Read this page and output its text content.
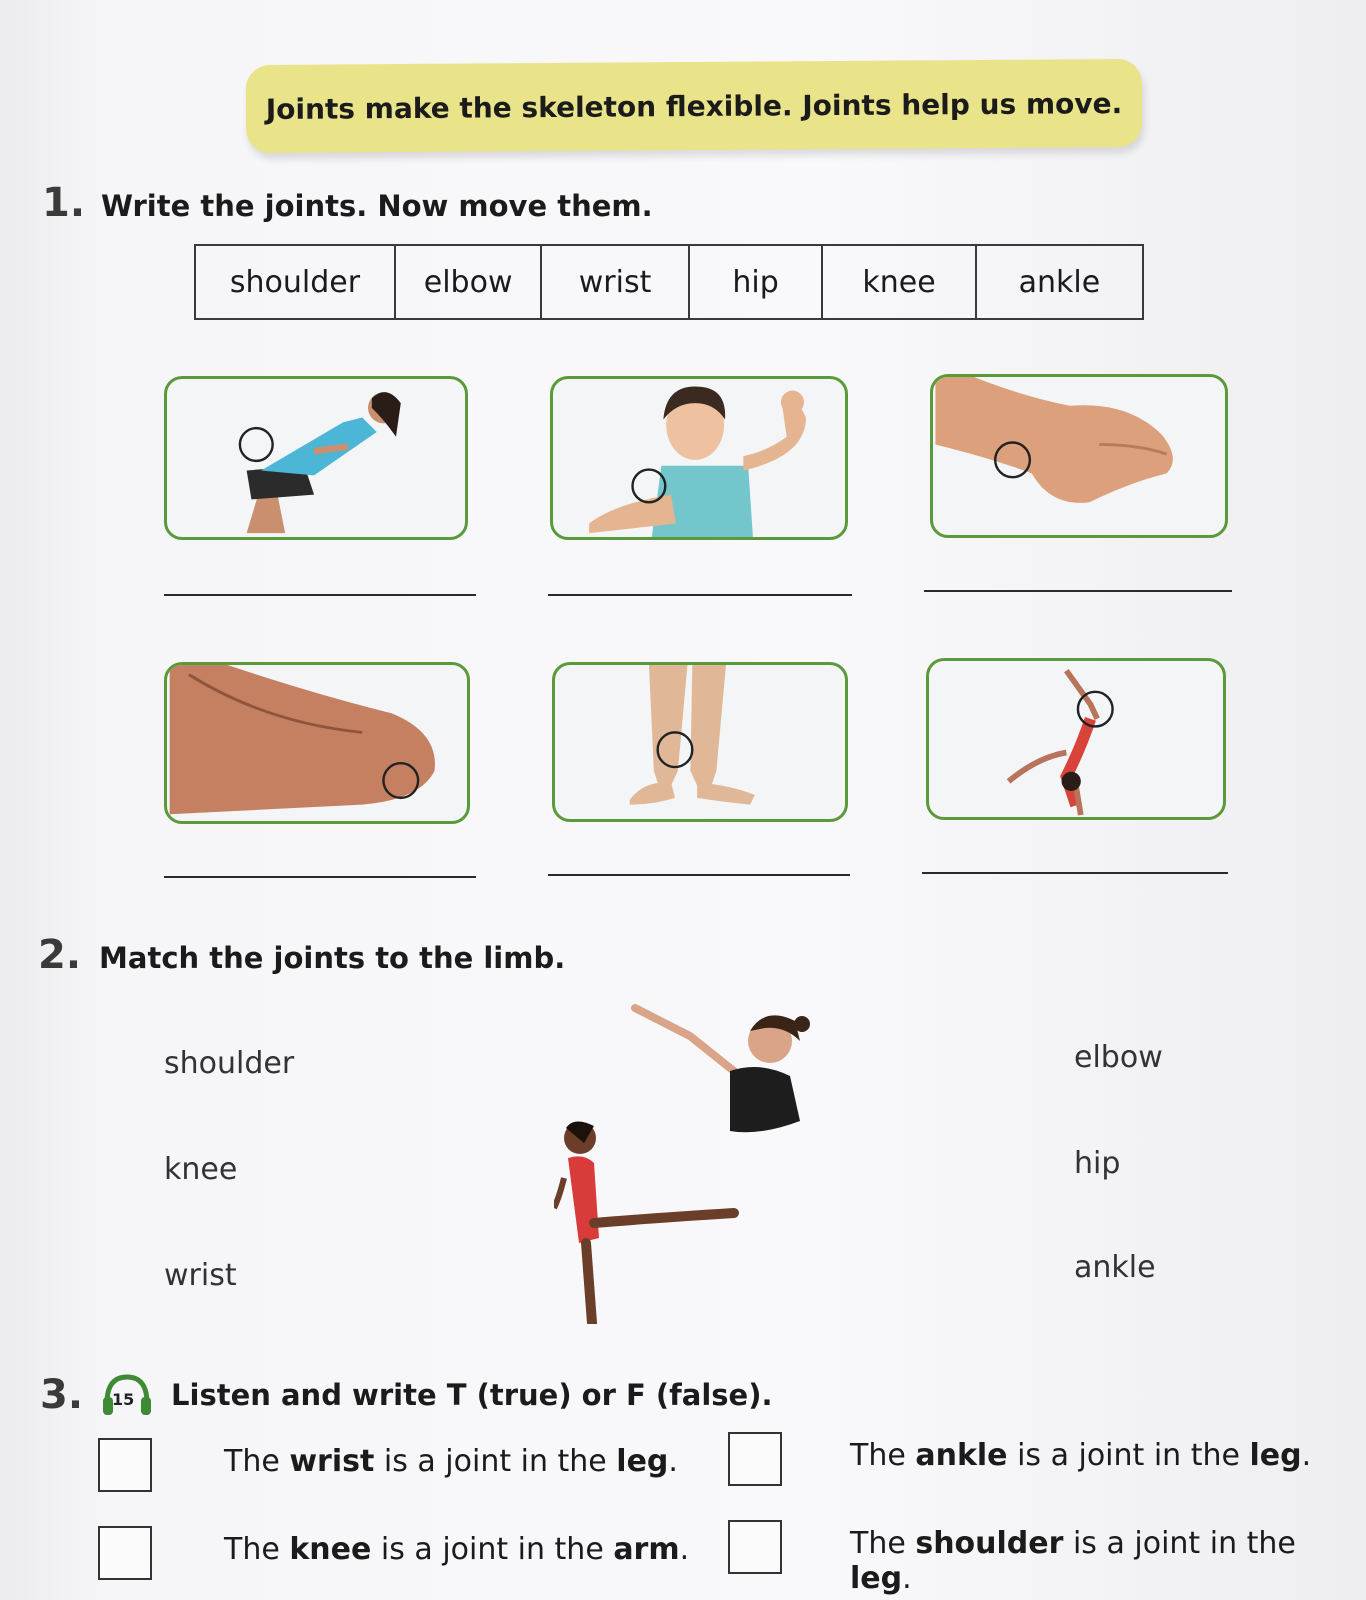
Joints make the skeleton flexible. Joints help us move.
1. Write the joints. Now move them.
shoulder	elbow	wrist	hip	knee	ankle
2. Match the joints to the limb.
shoulder
knee
wrist
elbow
hip
ankle
3. 15 Listen and write T (true) or F (false).
The wrist is a joint in the leg.	The ankle is a joint in the leg.
The knee is a joint in the arm.	The shoulder is a joint in the leg.
